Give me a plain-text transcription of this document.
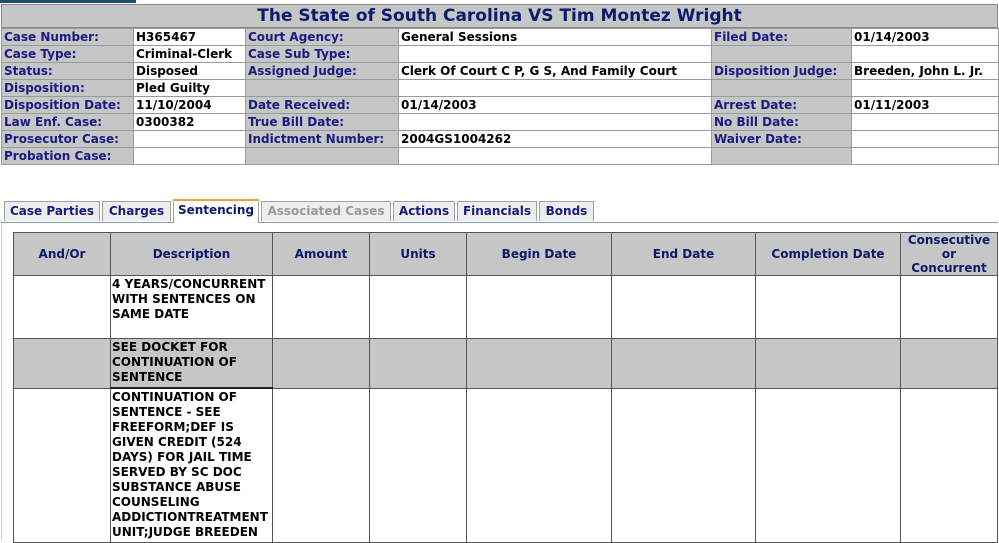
The State of South Carolina VS Tim Montez Wright
Case Number:	H365467	Court Agency:	General Sessions	Filed Date:	01/14/2003
Case Type:	Criminal-Clerk	Case Sub Type:			
Status:	Disposed	Assigned Judge:	Clerk Of Court C P, G S, And Family Court	Disposition Judge:	Breeden, John L. Jr.
Disposition:	Pled Guilty				
Disposition Date:	11/10/2004	Date Received:	01/14/2003	Arrest Date:	01/11/2003
Law Enf. Case:	0300382	True Bill Date:		No Bill Date:	
Prosecutor Case:		Indictment Number:	2004GS1004262	Waiver Date:	
Probation Case:					
Case Parties	Charges	Sentencing	Associated Cases	Actions	Financials	Bonds
And/Or	Description	Amount	Units	Begin Date	End Date	Completion Date	Consecutive or Concurrent
	4 YEARS/CONCURRENT WITH SENTENCES ON SAME DATE						
	SEE DOCKET FOR CONTINUATION OF SENTENCE						
	CONTINUATION OF SENTENCE - SEE FREEFORM;DEF IS GIVEN CREDIT (524 DAYS) FOR JAIL TIME SERVED BY SC DOC SUBSTANCE ABUSE COUNSELING ADDICTIONTREATMENT UNIT;JUDGE BREEDEN						
